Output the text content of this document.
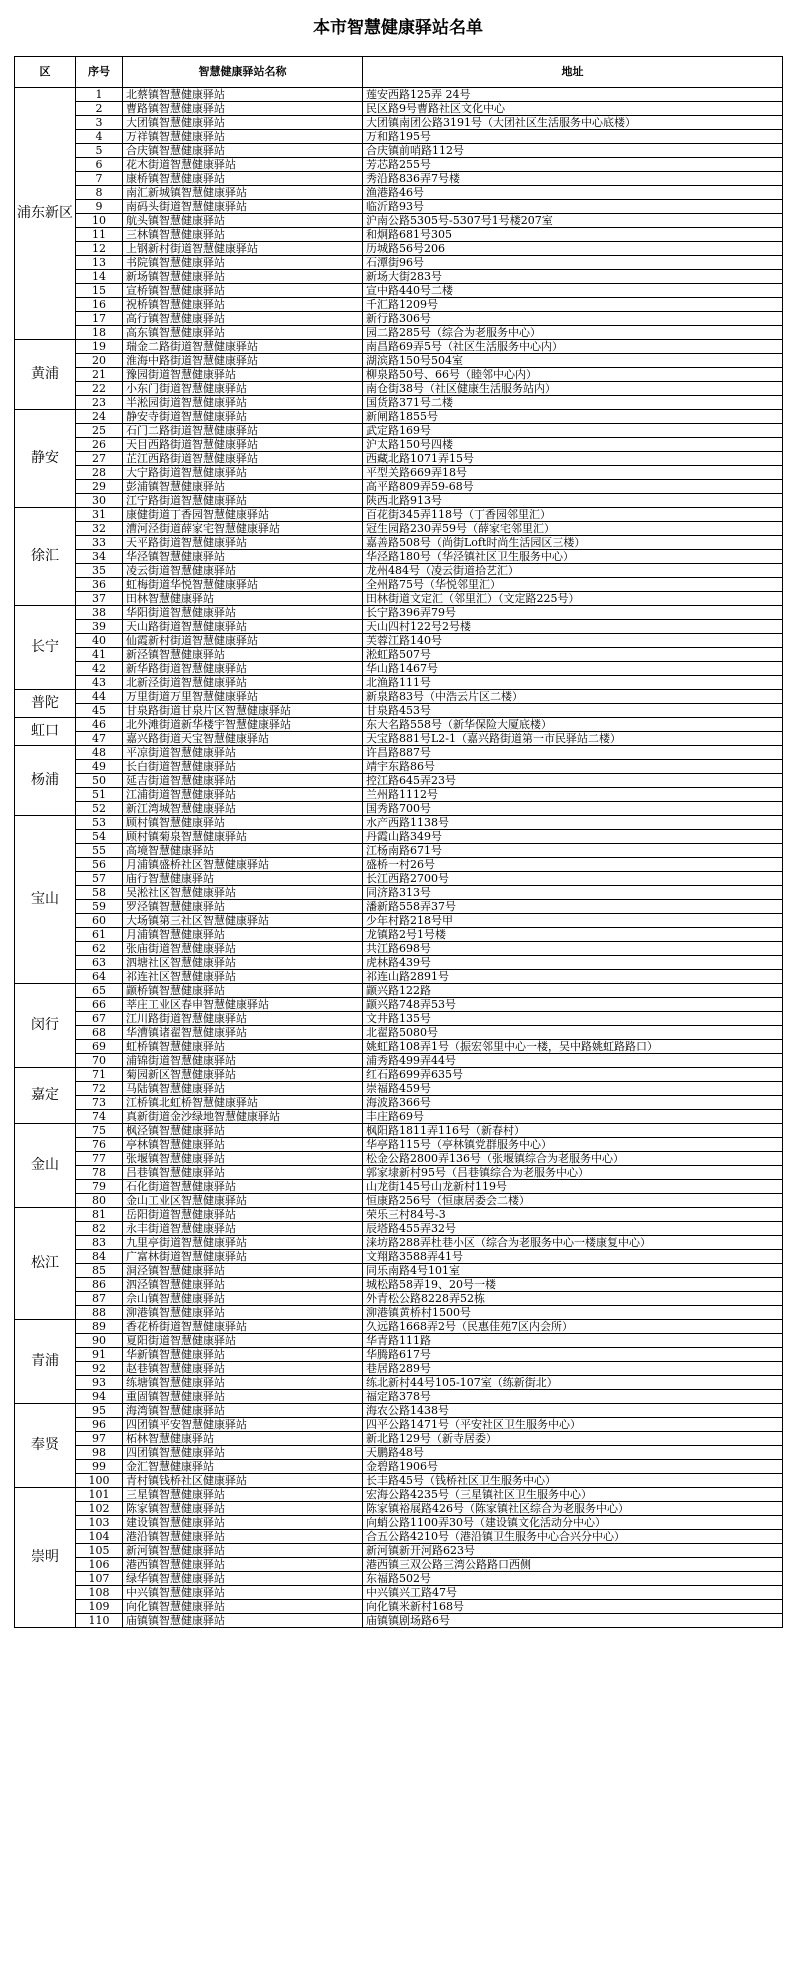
本市智慧健康驿站名单
区	序号	智慧健康驿站名称	地址
浦东新区	1	北蔡镇智慧健康驿站	莲安西路125弄 24号
	2	曹路镇智慧健康驿站	民区路9号曹路社区文化中心
	3	大团镇智慧健康驿站	大团镇南团公路3191号（大团社区生活服务中心底楼）
	4	万祥镇智慧健康驿站	万和路195号
	5	合庆镇智慧健康驿站	合庆镇前哨路112号
	6	花木街道智慧健康驿站	芳芯路255号
	7	康桥镇智慧健康驿站	秀沿路836弄7号楼
	8	南汇新城镇智慧健康驿站	渔港路46号
	9	南码头街道智慧健康驿站	临沂路93号
	10	航头镇智慧健康驿站	沪南公路5305号-5307号1号楼207室
	11	三林镇智慧健康驿站	和炯路681号305
	12	上钢新村街道智慧健康驿站	历城路56号206
	13	书院镇智慧健康驿站	石潭街96号
	14	新场镇智慧健康驿站	新场大街283号
	15	宣桥镇智慧健康驿站	宣中路440号二楼
	16	祝桥镇智慧健康驿站	千汇路1209号
	17	高行镇智慧健康驿站	新行路306号
	18	高东镇智慧健康驿站	园二路285号（综合为老服务中心）
黄浦	19	瑞金二路街道智慧健康驿站	南昌路69弄5号（社区生活服务中心内）
	20	淮海中路街道智慧健康驿站	湖滨路150号504室
	21	豫园街道智慧健康驿站	柳泉路50号、66号（睦邻中心内）
	22	小东门街道智慧健康驿站	南仓街38号（社区健康生活服务站内）
	23	半淞园街道智慧健康驿站	国货路371号二楼
静安	24	静安寺街道智慧健康驿站	新闸路1855号
	25	石门二路街道智慧健康驿站	武定路169号
	26	天目西路街道智慧健康驿站	沪太路150号四楼
	27	芷江西路街道智慧健康驿站	西藏北路1071弄15号
	28	大宁路街道智慧健康驿站	平型关路669弄18号
	29	彭浦镇智慧健康驿站	高平路809弄59-68号
	30	江宁路街道智慧健康驿站	陕西北路913号
徐汇	31	康健街道丁香园智慧健康驿站	百花街345弄118号（丁香园邻里汇）
	32	漕河泾街道薛家宅智慧健康驿站	冠生园路230弄59号（薛家宅邻里汇）
	33	天平路街道智慧健康驿站	嘉善路508号（尚街Loft时尚生活园区三楼）
	34	华泾镇智慧健康驿站	华泾路180号（华泾镇社区卫生服务中心）
	35	凌云街道智慧健康驿站	龙州484号（凌云街道拾艺汇）
	36	虹梅街道华悦智慧健康驿站	全州路75号（华悦邻里汇）
	37	田林智慧健康驿站	田林街道文定汇（邻里汇）（文定路225号）
长宁	38	华阳街道智慧健康驿站	长宁路396弄79号
	39	天山路街道智慧健康驿站	天山四村122号2号楼
	40	仙霞新村街道智慧健康驿站	芙蓉江路140号
	41	新泾镇智慧健康驿站	淞虹路507号
	42	新华路街道智慧健康驿站	华山路1467号
	43	北新泾街道智慧健康驿站	北渔路111号
普陀	44	万里街道万里智慧健康驿站	新泉路83号（中浩云片区二楼）
	45	甘泉路街道甘泉片区智慧健康驿站	甘泉路453号
虹口	46	北外滩街道新华楼宇智慧健康驿站	东大名路558号（新华保险大厦底楼）
	47	嘉兴路街道天宝智慧健康驿站	天宝路881号L2-1（嘉兴路街道第一市民驿站二楼）
杨浦	48	平凉街道智慧健康驿站	许昌路887号
	49	长白街道智慧健康驿站	靖宇东路86号
	50	延吉街道智慧健康驿站	控江路645弄23号
	51	江浦街道智慧健康驿站	兰州路1112号
	52	新江湾城智慧健康驿站	国秀路700号
宝山	53	顾村镇智慧健康驿站	水产西路1138号
	54	顾村镇菊泉智慧健康驿站	丹霞山路349号
	55	高境智慧健康驿站	江杨南路671号
	56	月浦镇盛桥社区智慧健康驿站	盛桥一村26号
	57	庙行智慧健康驿站	长江西路2700号
	58	吴淞社区智慧健康驿站	同济路313号
	59	罗泾镇智慧健康驿站	潘新路558弄37号
	60	大场镇第三社区智慧健康驿站	少年村路218号甲
	61	月浦镇智慧健康驿站	龙镇路2号1号楼
	62	张庙街道智慧健康驿站	共江路698号
	63	泗塘社区智慧健康驿站	虎林路439号
	64	祁连社区智慧健康驿站	祁连山路2891号
闵行	65	颛桥镇智慧健康驿站	颛兴路122路
	66	莘庄工业区春申智慧健康驿站	颛兴路748弄53号
	67	江川路街道智慧健康驿站	文井路135号
	68	华漕镇诸翟智慧健康驿站	北翟路5080号
	69	虹桥镇智慧健康驿站	姚虹路108弄1号（振宏邻里中心一楼，吴中路姚虹路路口）
	70	浦锦街道智慧健康驿站	浦秀路499弄44号
嘉定	71	菊园新区智慧健康驿站	红石路699弄635号
	72	马陆镇智慧健康驿站	崇福路459号
	73	江桥镇北虹桥智慧健康驿站	海波路366号
	74	真新街道金沙绿地智慧健康驿站	丰庄路69号
金山	75	枫泾镇智慧健康驿站	枫阳路1811弄116号（新春村）
	76	亭林镇智慧健康驿站	华亭路115号（亭林镇党群服务中心）
	77	张堰镇智慧健康驿站	松金公路2800弄136号（张堰镇综合为老服务中心）
	78	吕巷镇智慧健康驿站	郭家埭新村95号（吕巷镇综合为老服务中心）
	79	石化街道智慧健康驿站	山龙街145号山龙新村119号
	80	金山工业区智慧健康驿站	恒康路256号（恒康居委会二楼）
松江	81	岳阳街道智慧健康驿站	荣乐三村84号-3
	82	永丰街道智慧健康驿站	辰塔路455弄32号
	83	九里亭街道智慧健康驿站	涞坊路288弄杜巷小区（综合为老服务中心一楼康复中心）
	84	广富林街道智慧健康驿站	文翔路3588弄41号
	85	洞泾镇智慧健康驿站	同乐南路4号101室
	86	泗泾镇智慧健康驿站	城松路58弄19、20号一楼
	87	佘山镇智慧健康驿站	外青松公路8228弄52栋
	88	泖港镇智慧健康驿站	泖港镇黄桥村1500号
青浦	89	香花桥街道智慧健康驿站	久远路1668弄2号（民惠佳苑7区内会所）
	90	夏阳街道智慧健康驿站	华青路111路
	91	华新镇智慧健康驿站	华腾路617号
	92	赵巷镇智慧健康驿站	巷居路289号
	93	练塘镇智慧健康驿站	练北新村44号105-107室（练新街北）
	94	重固镇智慧健康驿站	福定路378号
奉贤	95	海湾镇智慧健康驿站	海农公路1438号
	96	四团镇平安智慧健康驿站	四平公路1471号（平安社区卫生服务中心）
	97	柘林智慧健康驿站	新北路129号（新寺居委）
	98	四团镇智慧健康驿站	天鹏路48号
	99	金汇智慧健康驿站	金碧路1906号
	100	青村镇钱桥社区健康驿站	长丰路45号（钱桥社区卫生服务中心）
崇明	101	三星镇智慧健康驿站	宏海公路4235号（三星镇社区卫生服务中心）
	102	陈家镇智慧健康驿站	陈家镇裕展路426号（陈家镇社区综合为老服务中心）
	103	建设镇智慧健康驿站	向蛸公路1100弄30号（建设镇文化活动分中心）
	104	港沿镇智慧健康驿站	合五公路4210号（港沿镇卫生服务中心合兴分中心）
	105	新河镇智慧健康驿站	新河镇新开河路623号
	106	港西镇智慧健康驿站	港西镇三双公路三湾公路路口西侧
	107	绿华镇智慧健康驿站	东福路502号
	108	中兴镇智慧健康驿站	中兴镇兴工路47号
	109	向化镇智慧健康驿站	向化镇米新村168号
	110	庙镇镇智慧健康驿站	庙镇镇剧场路6号
